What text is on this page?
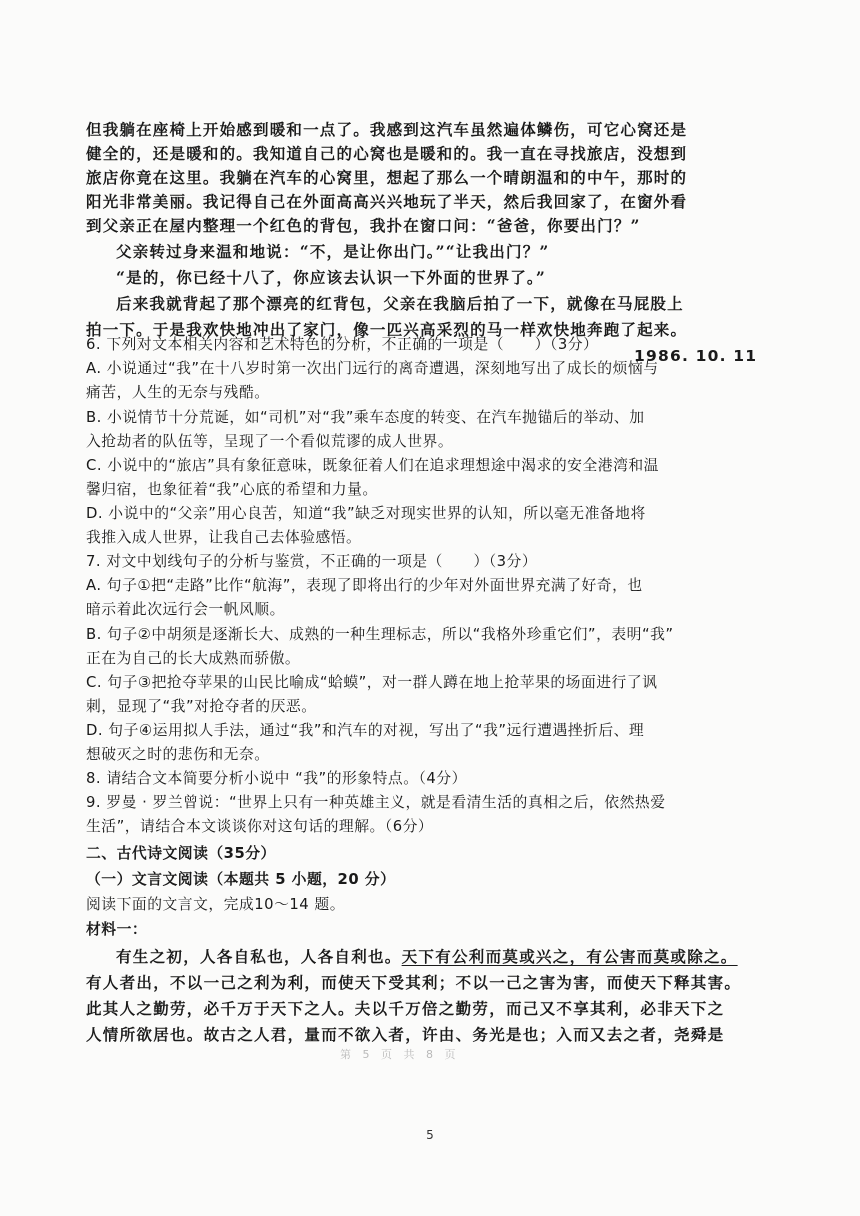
但我躺在座椅上开始感到暖和一点了。我感到这汽车虽然遍体鳞伤，可它心窝还是
健全的，还是暖和的。我知道自己的心窝也是暖和的。我一直在寻找旅店，没想到
旅店你竟在这里。我躺在汽车的心窝里，想起了那么一个晴朗温和的中午，那时的
阳光非常美丽。我记得自己在外面高高兴兴地玩了半天，然后我回家了，在窗外看
到父亲正在屋内整理一个红色的背包，我扑在窗口问：“爸爸，你要出门？”
父亲转过身来温和地说：“不，是让你出门。”“让我出门？”
“是的，你已经十八了，你应该去认识一下外面的世界了。”
后来我就背起了那个漂亮的红背包，父亲在我脑后拍了一下，就像在马屁股上
拍一下。于是我欢快地冲出了家门，像一匹兴高采烈的马一样欢快地奔跑了起来。
1986. 10. 11
6. 下列对文本相关内容和艺术特色的分析，不正确的一项是（　　）（3分）
A. 小说通过“我”在十八岁时第一次出门远行的离奇遭遇，深刻地写出了成长的烦恼与
痛苦，人生的无奈与残酷。
B. 小说情节十分荒诞，如“司机”对“我”乘车态度的转变、在汽车抛锚后的举动、加
入抢劫者的队伍等，呈现了一个看似荒谬的成人世界。
C. 小说中的“旅店”具有象征意味，既象征着人们在追求理想途中渴求的安全港湾和温
馨归宿，也象征着“我”心底的希望和力量。
D. 小说中的“父亲”用心良苦，知道“我”缺乏对现实世界的认知，所以毫无准备地将
我推入成人世界，让我自己去体验感悟。
7. 对文中划线句子的分析与鉴赏，不正确的一项是（　　）（3分）
A. 句子①把“走路”比作“航海”，表现了即将出行的少年对外面世界充满了好奇，也
暗示着此次远行会一帆风顺。
B. 句子②中胡须是逐渐长大、成熟的一种生理标志，所以“我格外珍重它们”，表明“我”
正在为自己的长大成熟而骄傲。
C. 句子③把抢夺苹果的山民比喻成“蛤蟆”，对一群人蹲在地上抢苹果的场面进行了讽
刺，显现了“我”对抢夺者的厌恶。
D. 句子④运用拟人手法，通过“我”和汽车的对视，写出了“我”远行遭遇挫折后、理
想破灭之时的悲伤和无奈。
8. 请结合文本简要分析小说中 “我”的形象特点。（4分）
9. 罗曼 · 罗兰曾说：“世界上只有一种英雄主义，就是看清生活的真相之后，依然热爱
生活”，请结合本文谈谈你对这句话的理解。（6分）
二、古代诗文阅读（35分）
（一）文言文阅读（本题共 5 小题，20 分）
阅读下面的文言文，完成10～14 题。
材料一：
有生之初，人各自私也，人各自利也。天下有公利而莫或兴之，有公害而莫或除之。
有人者出，不以一己之利为利，而使天下受其利；不以一己之害为害，而使天下释其害。
此其人之勤劳，必千万于天下之人。夫以千万倍之勤劳，而己又不享其利，必非天下之
人情所欲居也。故古之人君，量而不欲入者，许由、务光是也；入而又去之者，尧舜是
第 5 页 共 8 页
5
